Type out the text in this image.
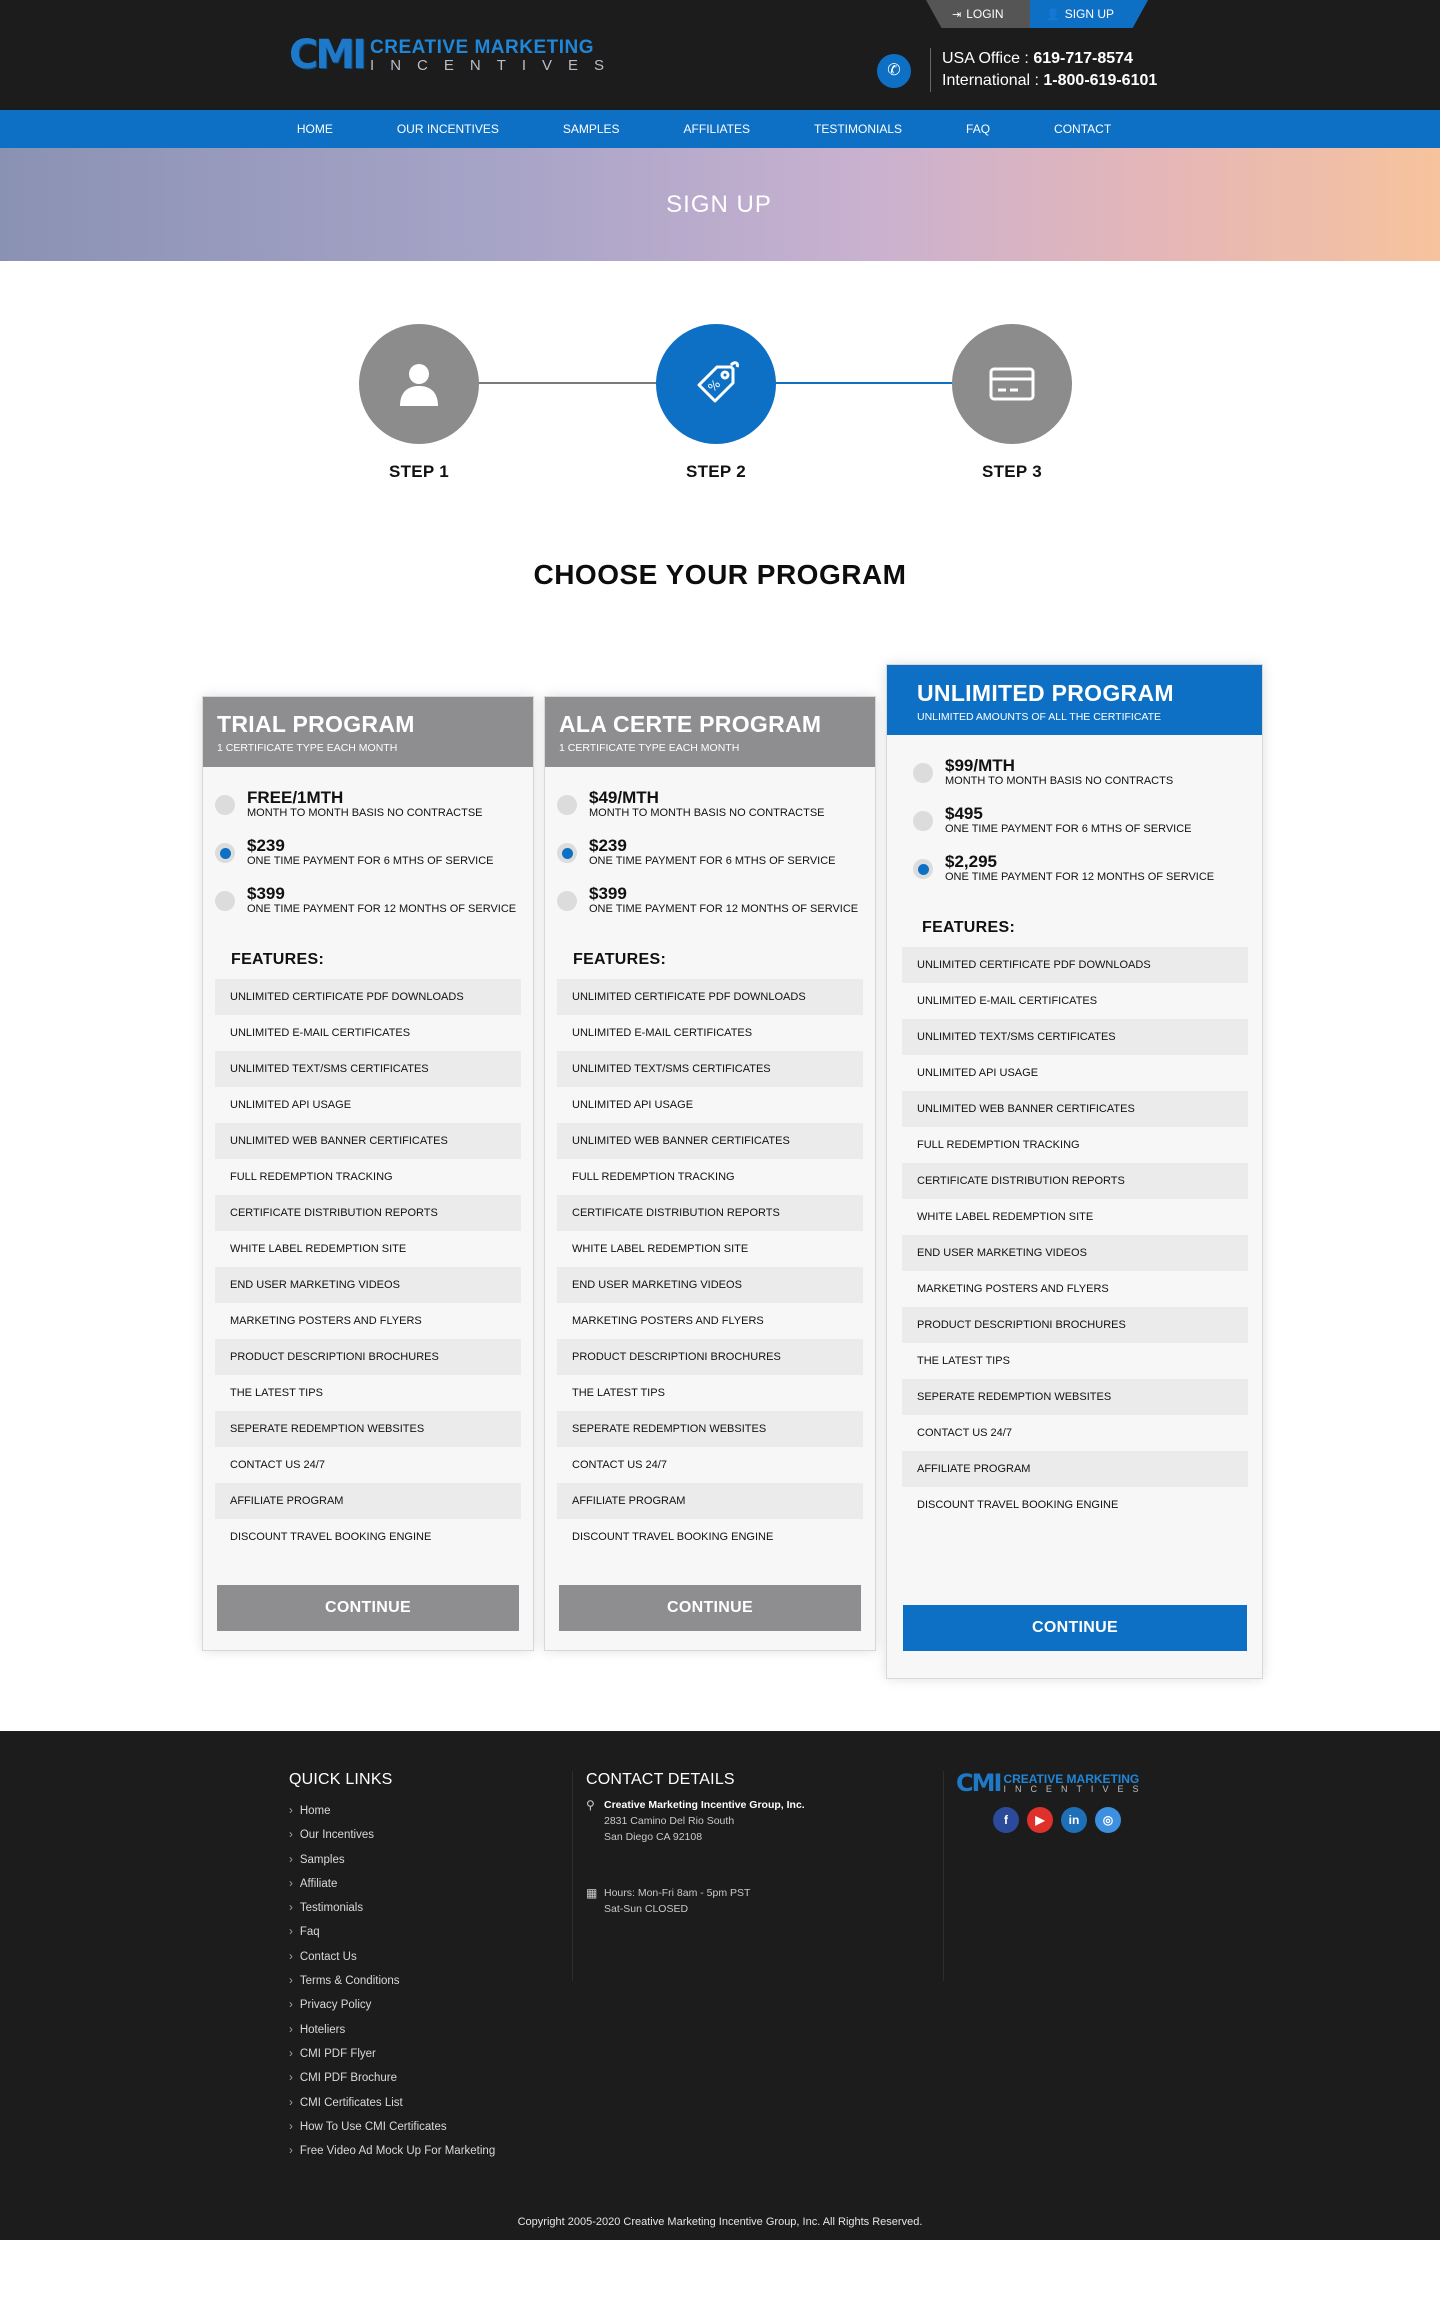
CMI CREATIVE MARKETING
INCENTIVES
⇥ LOGIN	👤 SIGN UP
✆
USA Office : 619-717-8574
International : 1-800-619-6101
HOME	OUR INCENTIVES	SAMPLES	AFFILIATES	TESTIMONIALS	FAQ	CONTACT
SIGN UP
STEP 1
%
STEP 2	STEP 3
CHOOSE YOUR PROGRAM
TRIAL PROGRAM

1 CERTIFICATE TYPE EACH MONTH

FREE/1MTH
MONTH TO MONTH BASIS NO CONTRACTSE
$239
ONE TIME PAYMENT FOR 6 MTHS OF SERVICE
$399
ONE TIME PAYMENT FOR 12 MONTHS OF SERVICE
FEATURES:
UNLIMITED CERTIFICATE PDF DOWNLOADS
UNLIMITED E-MAIL CERTIFICATES
UNLIMITED TEXT/SMS CERTIFICATES
UNLIMITED API USAGE
UNLIMITED WEB BANNER CERTIFICATES
FULL REDEMPTION TRACKING
CERTIFICATE DISTRIBUTION REPORTS
WHITE LABEL REDEMPTION SITE
END USER MARKETING VIDEOS
MARKETING POSTERS AND FLYERS
PRODUCT DESCRIPTIONI BROCHURES
THE LATEST TIPS
SEPERATE REDEMPTION WEBSITES
CONTACT US 24/7
AFFILIATE PROGRAM
DISCOUNT TRAVEL BOOKING ENGINE
CONTINUE
ALA CERTE PROGRAM

1 CERTIFICATE TYPE EACH MONTH

$49/MTH
MONTH TO MONTH BASIS NO CONTRACTSE
$239
ONE TIME PAYMENT FOR 6 MTHS OF SERVICE
$399
ONE TIME PAYMENT FOR 12 MONTHS OF SERVICE
FEATURES:
UNLIMITED CERTIFICATE PDF DOWNLOADS
UNLIMITED E-MAIL CERTIFICATES
UNLIMITED TEXT/SMS CERTIFICATES
UNLIMITED API USAGE
UNLIMITED WEB BANNER CERTIFICATES
FULL REDEMPTION TRACKING
CERTIFICATE DISTRIBUTION REPORTS
WHITE LABEL REDEMPTION SITE
END USER MARKETING VIDEOS
MARKETING POSTERS AND FLYERS
PRODUCT DESCRIPTIONI BROCHURES
THE LATEST TIPS
SEPERATE REDEMPTION WEBSITES
CONTACT US 24/7
AFFILIATE PROGRAM
DISCOUNT TRAVEL BOOKING ENGINE
CONTINUE
UNLIMITED PROGRAM

UNLIMITED AMOUNTS OF ALL THE CERTIFICATE

$99/MTH
MONTH TO MONTH BASIS NO CONTRACTS
$495
ONE TIME PAYMENT FOR 6 MTHS OF SERVICE
$2,295
ONE TIME PAYMENT FOR 12 MONTHS OF SERVICE
FEATURES:
UNLIMITED CERTIFICATE PDF DOWNLOADS
UNLIMITED E-MAIL CERTIFICATES
UNLIMITED TEXT/SMS CERTIFICATES
UNLIMITED API USAGE
UNLIMITED WEB BANNER CERTIFICATES
FULL REDEMPTION TRACKING
CERTIFICATE DISTRIBUTION REPORTS
WHITE LABEL REDEMPTION SITE
END USER MARKETING VIDEOS
MARKETING POSTERS AND FLYERS
PRODUCT DESCRIPTIONI BROCHURES
THE LATEST TIPS
SEPERATE REDEMPTION WEBSITES
CONTACT US 24/7
AFFILIATE PROGRAM
DISCOUNT TRAVEL BOOKING ENGINE
CONTINUE
QUICK LINKS
› Home
› Our Incentives
› Samples
› Affiliate
› Testimonials
› Faq
› Contact Us
› Terms & Conditions
› Privacy Policy
› Hoteliers
› CMI PDF Flyer
› CMI PDF Brochure
› CMI Certificates List
› How To Use CMI Certificates
› Free Video Ad Mock Up For Marketing
CONTACT DETAILS
⚲ Creative Marketing Incentive Group, Inc.
2831 Camino Del Rio South
San Diego CA 92108
▦ Hours: Mon-Fri 8am - 5pm PST
Sat-Sun CLOSED
CMI CREATIVE MARKETING
INCENTIVES
f	▶	in	◎
Copyright 2005-2020 Creative Marketing Incentive Group, Inc. All Rights Reserved.
